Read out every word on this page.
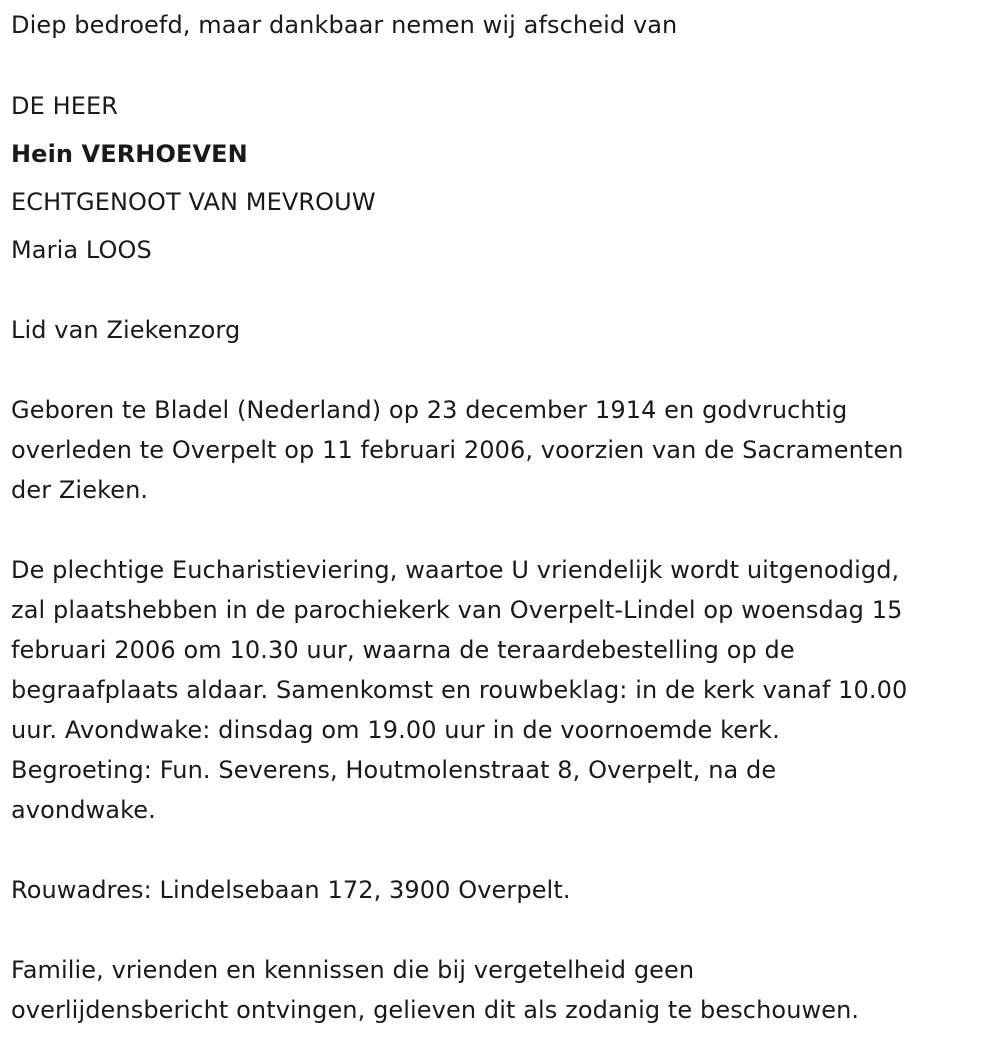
Diep bedroefd, maar dankbaar nemen wij afscheid van

DE HEER

Hein VERHOEVEN

ECHTGENOOT VAN MEVROUW

Maria LOOS

Lid van Ziekenzorg

Geboren te Bladel (Nederland) op 23 december 1914 en godvruchtig

overleden te Overpelt op 11 februari 2006, voorzien van de Sacramenten

der Zieken.

De plechtige Eucharistieviering, waartoe U vriendelijk wordt uitgenodigd,

zal plaatshebben in de parochiekerk van Overpelt-Lindel op woensdag 15

februari 2006 om 10.30 uur, waarna de teraardebestelling op de

begraafplaats aldaar. Samenkomst en rouwbeklag: in de kerk vanaf 10.00

uur. Avondwake: dinsdag om 19.00 uur in de voornoemde kerk.

Begroeting: Fun. Severens, Houtmolenstraat 8, Overpelt, na de

avondwake.

Rouwadres: Lindelsebaan 172, 3900 Overpelt.

Familie, vrienden en kennissen die bij vergetelheid geen

overlijdensbericht ontvingen, gelieven dit als zodanig te beschouwen.
